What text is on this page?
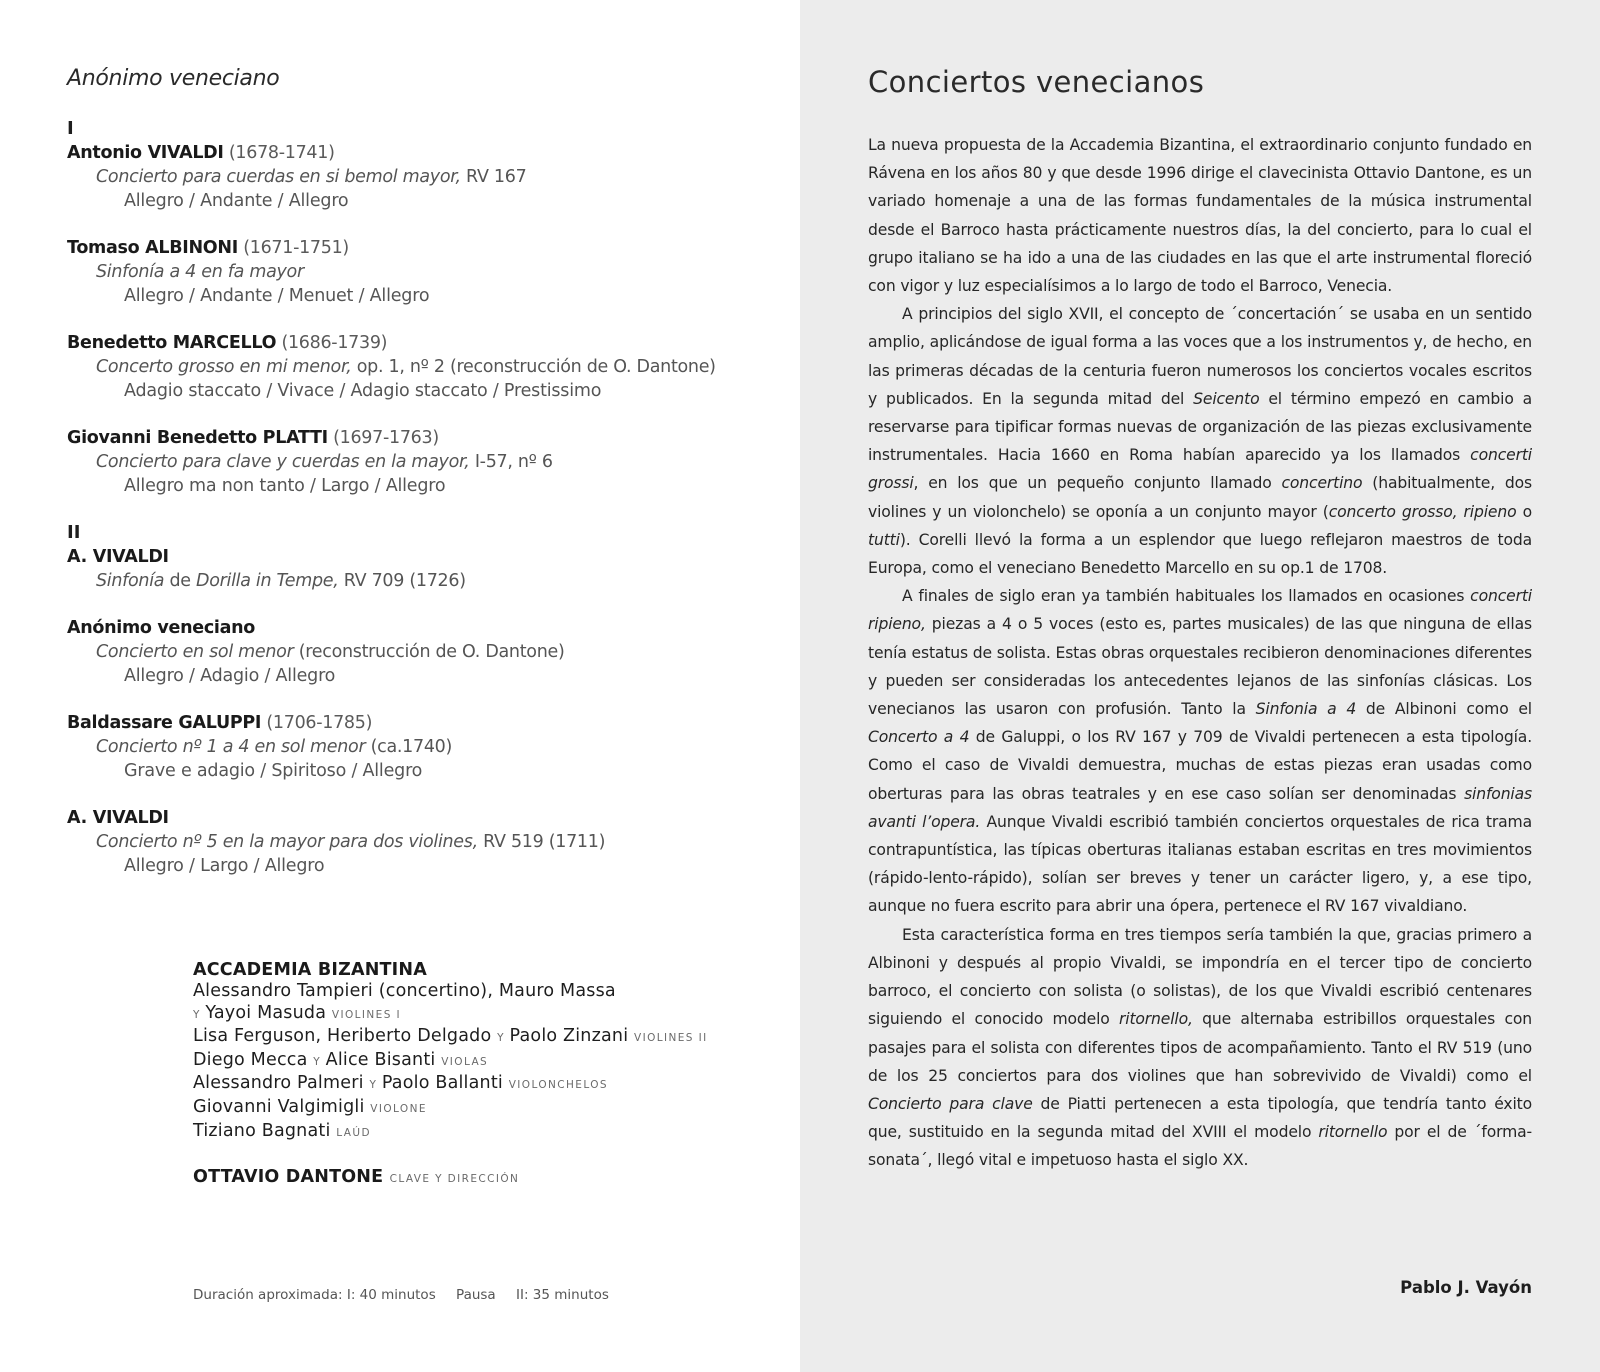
Anónimo veneciano
I
Antonio VIVALDI (1678-1741)
Concierto para cuerdas en si bemol mayor, RV 167
Allegro / Andante / Allegro
Tomaso ALBINONI (1671-1751)
Sinfonía a 4 en fa mayor
Allegro / Andante / Menuet / Allegro
Benedetto MARCELLO (1686-1739)
Concerto grosso en mi menor, op. 1, nº 2 (reconstrucción de O. Dantone)
Adagio staccato / Vivace / Adagio staccato / Prestissimo
Giovanni Benedetto PLATTI (1697-1763)
Concierto para clave y cuerdas en la mayor, I-57, nº 6
Allegro ma non tanto / Largo / Allegro
II
A. VIVALDI
Sinfonía de Dorilla in Tempe, RV 709 (1726)
Anónimo veneciano
Concierto en sol menor (reconstrucción de O. Dantone)
Allegro / Adagio / Allegro
Baldassare GALUPPI (1706-1785)
Concierto nº 1 a 4 en sol menor (ca.1740)
Grave e adagio / Spiritoso / Allegro
A. VIVALDI
Concierto nº 5 en la mayor para dos violines, RV 519 (1711)
Allegro / Largo / Allegro
ACCADEMIA BIZANTINA
Alessandro Tampieri (concertino), Mauro Massa
Y Yayoi Masuda VIOLINES I
Lisa Ferguson, Heriberto Delgado Y Paolo Zinzani VIOLINES II
Diego Mecca Y Alice Bisanti VIOLAS
Alessandro Palmeri Y Paolo Ballanti VIOLONCHELOS
Giovanni Valgimigli VIOLONE
Tiziano Bagnati LAÚD
OTTAVIO DANTONE CLAVE Y DIRECCIÓN
Duración aproximada: I: 40 minutos Pausa II: 35 minutos
Conciertos venecianos

La nueva propuesta de la Accademia Bizantina, el extraordinario conjunto fundado en Rávena en los años 80 y que desde 1996 dirige el clavecinista Ottavio Dantone, es un variado homenaje a una de las formas fundamentales de la música instrumental desde el Barroco hasta prácticamente nuestros días, la del concierto, para lo cual el grupo italiano se ha ido a una de las ciudades en las que el arte instrumental floreció con vigor y luz especialísimos a lo largo de todo el Barroco, Venecia.

A principios del siglo XVII, el concepto de ´concertación´ se usaba en un sentido amplio, aplicándose de igual forma a las voces que a los instrumentos y, de hecho, en las primeras décadas de la centuria fueron numerosos los conciertos vocales escritos y publicados. En la segunda mitad del Seicento el término empezó en cambio a reservarse para tipificar formas nuevas de organización de las piezas exclusivamente instrumentales. Hacia 1660 en Roma habían aparecido ya los llamados concerti grossi, en los que un pequeño conjunto llamado concertino (habitualmente, dos violines y un violonchelo) se oponía a un conjunto mayor (concerto grosso, ripieno o tutti). Corelli llevó la forma a un esplendor que luego reflejaron maestros de toda Europa, como el veneciano Benedetto Marcello en su op.1 de 1708.

A finales de siglo eran ya también habituales los llamados en ocasiones concerti ripieno, piezas a 4 o 5 voces (esto es, partes musicales) de las que ninguna de ellas tenía estatus de solista. Estas obras orquestales recibieron denominaciones diferentes y pueden ser consideradas los antecedentes lejanos de las sinfonías clásicas. Los venecianos las usaron con profusión. Tanto la Sinfonia a 4 de Albinoni como el Concerto a 4 de Galuppi, o los RV 167 y 709 de Vivaldi pertenecen a esta tipología. Como el caso de Vivaldi demuestra, muchas de estas piezas eran usadas como oberturas para las obras teatrales y en ese caso solían ser denominadas sinfonias avanti l’opera. Aunque Vivaldi escribió también conciertos orquestales de rica trama contrapuntística, las típicas oberturas italianas estaban escritas en tres movimientos (rápido-lento-rápido), solían ser breves y tener un carácter ligero, y, a ese tipo, aunque no fuera escrito para abrir una ópera, pertenece el RV 167 vivaldiano.

Esta característica forma en tres tiempos sería también la que, gracias primero a Albinoni y después al propio Vivaldi, se impondría en el tercer tipo de concierto barroco, el concierto con solista (o solistas), de los que Vivaldi escribió centenares siguiendo el conocido modelo ritornello, que alternaba estribillos orquestales con pasajes para el solista con diferentes tipos de acompañamiento. Tanto el RV 519 (uno de los 25 conciertos para dos violines que han sobrevivido de Vivaldi) como el Concierto para clave de Piatti pertenecen a esta tipología, que tendría tanto éxito que, sustituido en la segunda mitad del XVIII el modelo ritornello por el de ´forma-sonata´, llegó vital e impetuoso hasta el siglo XX.

Pablo J. Vayón
